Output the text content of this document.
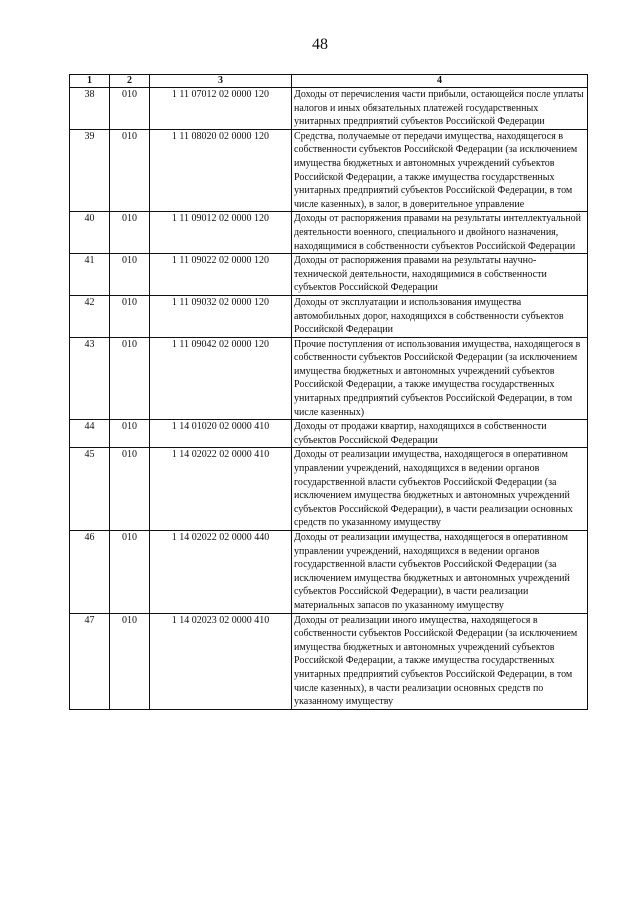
48
1	2	3	4
38	010	1 11 07012 02 0000 120	Доходы от перечисления части прибыли, остающейся после уплаты налогов и иных обязательных платежей государственных унитарных предприятий субъектов Российской Федерации
39	010	1 11 08020 02 0000 120	Средства, получаемые от передачи имущества, находящегося в собственности субъектов Российской Федерации (за исключением имущества бюджетных и автономных учреждений субъектов Российской Федерации, а также имущества государственных унитарных предприятий субъектов Российской Федерации, в том числе казенных), в залог, в доверительное управление
40	010	1 11 09012 02 0000 120	Доходы от распоряжения правами на результаты интеллектуальной деятельности военного, специального и двойного назначения, находящимися в собственности субъектов Российской Федерации
41	010	1 11 09022 02 0000 120	Доходы от распоряжения правами на результаты научно-технической деятельности, находящимися в собственности субъектов Российской Федерации
42	010	1 11 09032 02 0000 120	Доходы от эксплуатации и использования имущества автомобильных дорог, находящихся в собственности субъектов Российской Федерации
43	010	1 11 09042 02 0000 120	Прочие поступления от использования имущества, находящегося в собственности субъектов Российской Федерации (за исключением имущества бюджетных и автономных учреждений субъектов Российской Федерации, а также имущества государственных унитарных предприятий субъектов Российской Федерации, в том числе казенных)
44	010	1 14 01020 02 0000 410	Доходы от продажи квартир, находящихся в собственности субъектов Российской Федерации
45	010	1 14 02022 02 0000 410	Доходы от реализации имущества, находящегося в оперативном управлении учреждений, находящихся в ведении органов государственной власти субъектов Российской Федерации (за исключением имущества бюджетных и автономных учреждений субъектов Российской Федерации), в части реализации основных средств по указанному имуществу
46	010	1 14 02022 02 0000 440	Доходы от реализации имущества, находящегося в оперативном управлении учреждений, находящихся в ведении органов государственной власти субъектов Российской Федерации (за исключением имущества бюджетных и автономных учреждений субъектов Российской Федерации), в части реализации материальных запасов по указанному имуществу
47	010	1 14 02023 02 0000 410	Доходы от реализации иного имущества, находящегося в собственности субъектов Российской Федерации (за исключением имущества бюджетных и автономных учреждений субъектов Российской Федерации, а также имущества государственных унитарных предприятий субъектов Российской Федерации, в том числе казенных), в части реализации основных средств по указанному имуществу
